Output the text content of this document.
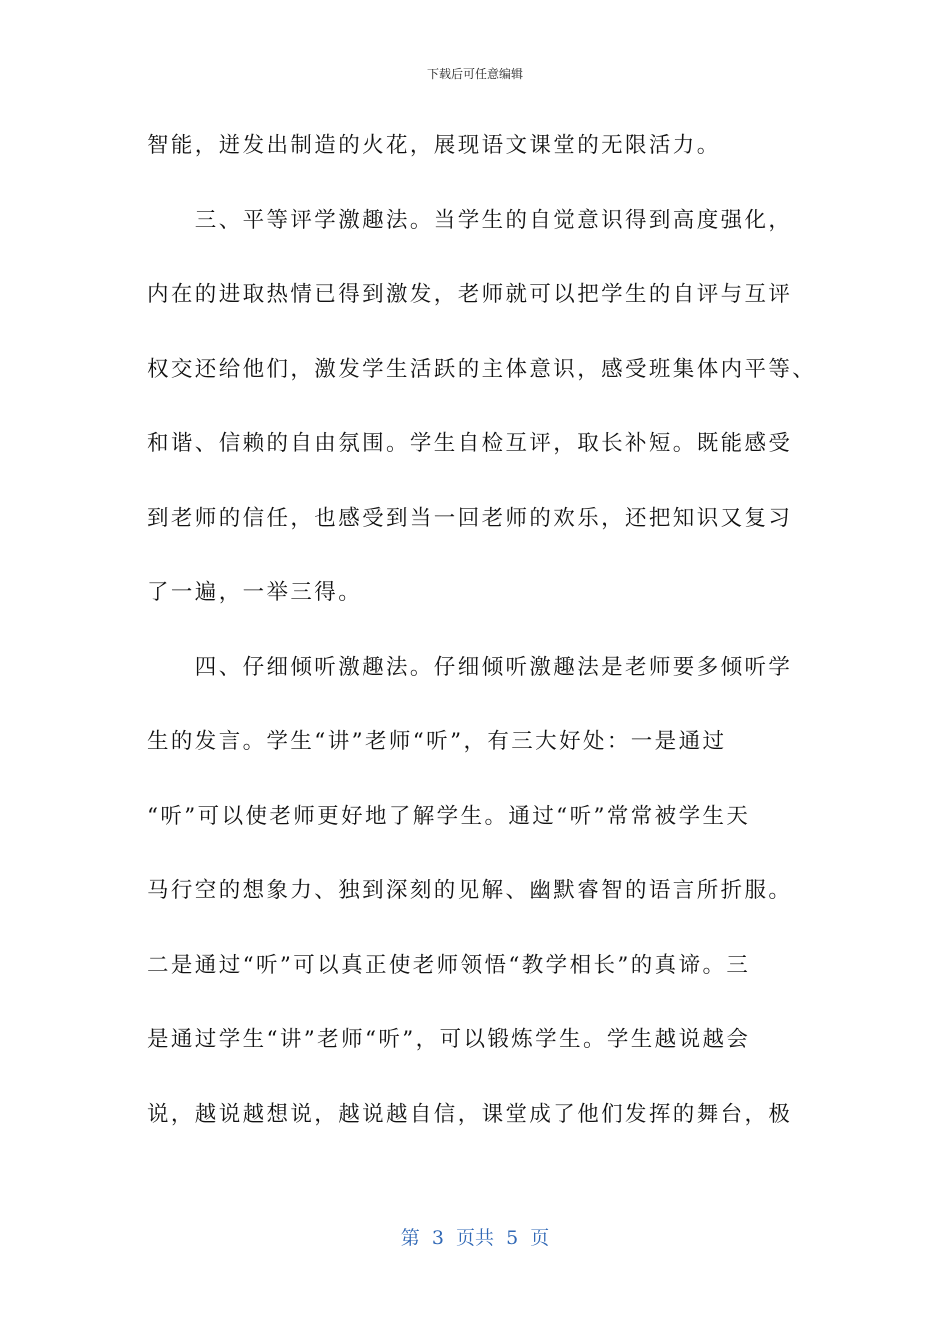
下载后可任意编辑
智能，迸发出制造的火花，展现语文课堂的无限活力。
　　三、平等评学激趣法。当学生的自觉意识得到高度强化，
内在的进取热情已得到激发，老师就可以把学生的自评与互评
权交还给他们，激发学生活跃的主体意识，感受班集体内平等、
和谐、信赖的自由氛围。学生自检互评，取长补短。既能感受
到老师的信任，也感受到当一回老师的欢乐，还把知识又复习
了一遍，一举三得。
　　四、仔细倾听激趣法。仔细倾听激趣法是老师要多倾听学
生的发言。学生“讲”老师“听”，有三大好处：一是通过
“听”可以使老师更好地了解学生。通过“听”常常被学生天
马行空的想象力、独到深刻的见解、幽默睿智的语言所折服。
二是通过“听”可以真正使老师领悟“教学相长”的真谛。三
是通过学生“讲”老师“听”，可以锻炼学生。学生越说越会
说，越说越想说，越说越自信，课堂成了他们发挥的舞台，极
第  3  页共  5  页
